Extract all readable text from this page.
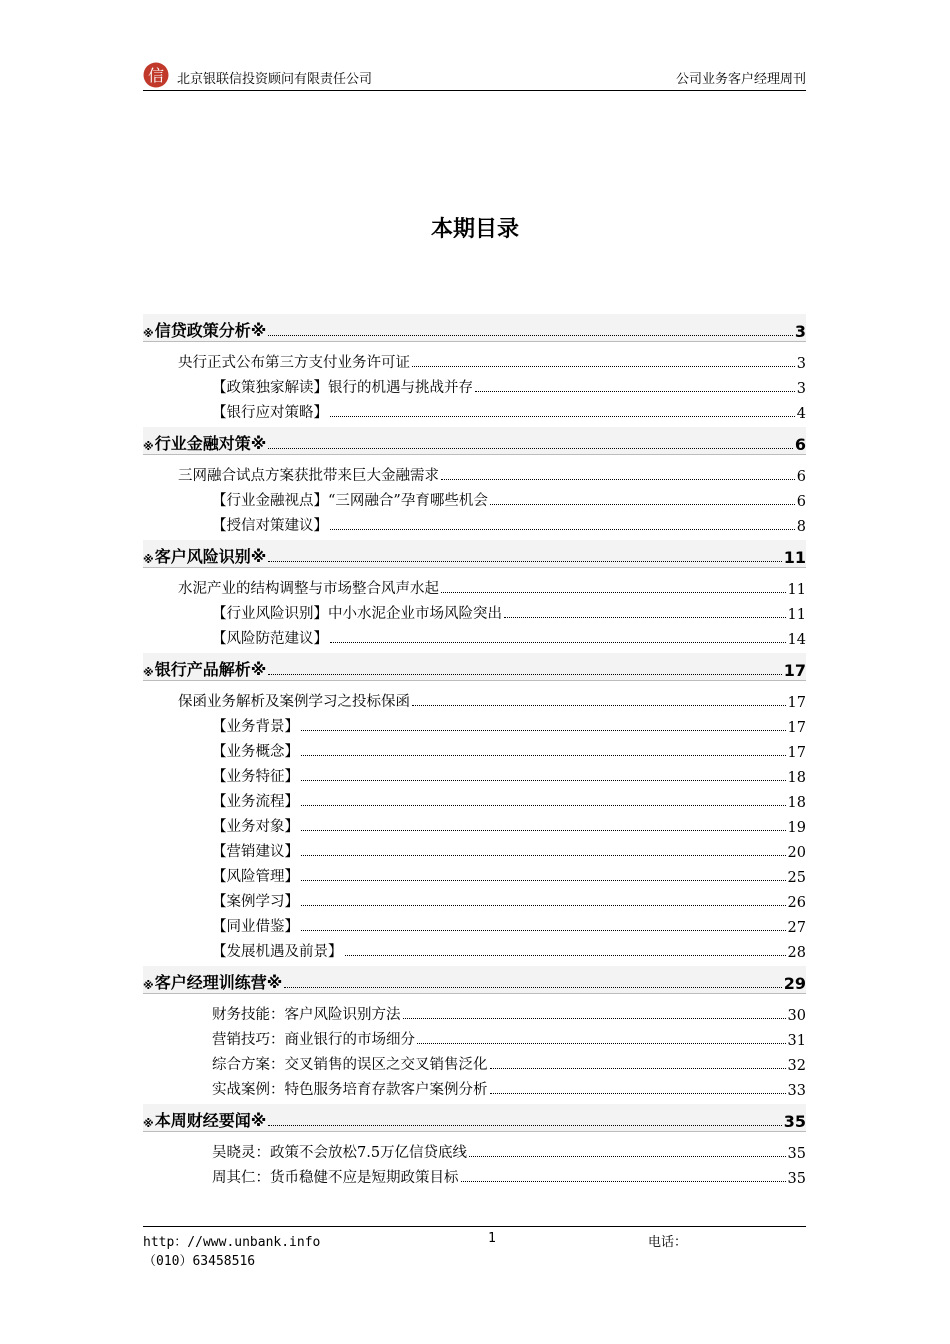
信 北京银联信投资顾问有限责任公司	公司业务客户经理周刊
本期目录
※ 信贷政策分析※	3
央行正式公布第三方支付业务许可证	3
【政策独家解读】银行的机遇与挑战并存	3
【银行应对策略】	4
※ 行业金融对策※	6
三网融合试点方案获批带来巨大金融需求	6
【行业金融视点】“三网融合”孕育哪些机会	6
【授信对策建议】	8
※ 客户风险识别※	11
水泥产业的结构调整与市场整合风声水起	11
【行业风险识别】中小水泥企业市场风险突出	11
【风险防范建议】	14
※ 银行产品解析※	17
保函业务解析及案例学习之投标保函	17
【业务背景】	17
【业务概念】	17
【业务特征】	18
【业务流程】	18
【业务对象】	19
【营销建议】	20
【风险管理】	25
【案例学习】	26
【同业借鉴】	27
【发展机遇及前景】	28
※ 客户经理训练营※	29
财务技能：客户风险识别方法	30
营销技巧：商业银行的市场细分	31
综合方案：交叉销售的误区之交叉销售泛化	32
实战案例：特色服务培育存款客户案例分析	33
※ 本周财经要闻※	35
吴晓灵：政策不会放松7.5万亿信贷底线	35
周其仁：货币稳健不应是短期政策目标	35
http：//www.unbank.info	1	电话：
（010）63458516
